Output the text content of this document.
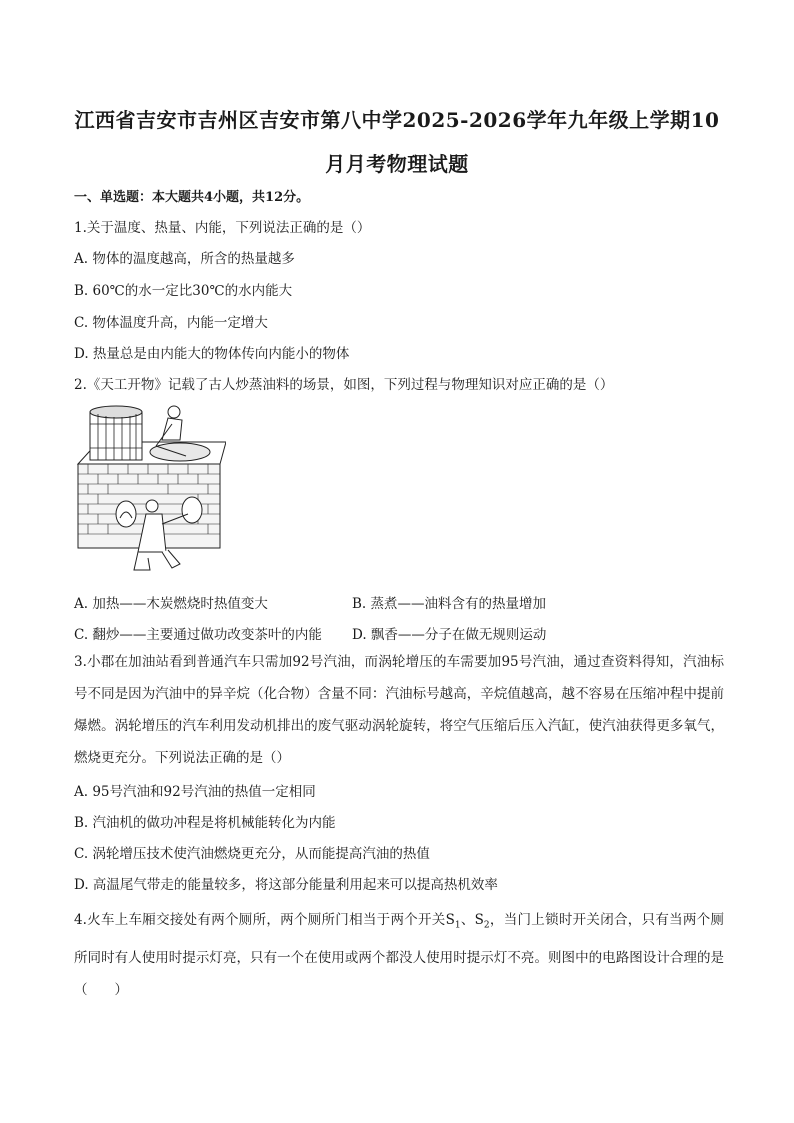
江西省吉安市吉州区吉安市第八中学2025-2026学年九年级上学期10
月月考物理试题
一、单选题：本大题共4小题，共12分。
1.关于温度、热量、内能，下列说法正确的是（）
A. 物体的温度越高，所含的热量越多
B. 60℃的水一定比30℃的水内能大
C. 物体温度升高，内能一定增大
D. 热量总是由内能大的物体传向内能小的物体
2.《天工开物》记载了古人炒蒸油料的场景，如图，下列过程与物理知识对应正确的是（）
A. 加热——木炭燃烧时热值变大	B. 蒸煮——油料含有的热量增加
C. 翻炒——主要通过做功改变茶叶的内能 D. 飘香——分子在做无规则运动
3.小郡在加油站看到普通汽车只需加92号汽油，而涡轮增压的车需要加95号汽油，通过查资料得知，汽油标号不同是因为汽油中的异辛烷（化合物）含量不同：汽油标号越高，辛烷值越高，越不容易在压缩冲程中提前爆燃。涡轮增压的汽车利用发动机排出的废气驱动涡轮旋转，将空气压缩后压入汽缸，使汽油获得更多氧气，燃烧更充分。下列说法正确的是（）
A. 95号汽油和92号汽油的热值一定相同
B. 汽油机的做功冲程是将机械能转化为内能
C. 涡轮增压技术使汽油燃烧更充分，从而能提高汽油的热值
D. 高温尾气带走的能量较多，将这部分能量利用起来可以提高热机效率
4.火车上车厢交接处有两个厕所，两个厕所门相当于两个开关$S_1$、$S_2$，当门上锁时开关闭合，只有当两个厕所同时有人使用时提示灯亮，只有一个在使用或两个都没人使用时提示灯不亮。则图中的电路图设计合理的是（　　）
